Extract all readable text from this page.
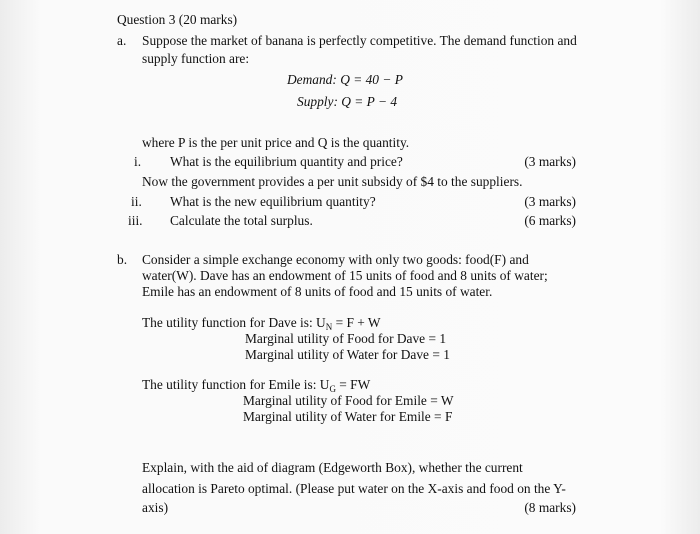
Question 3 (20 marks)
a. Suppose the market of banana is perfectly competitive. The demand function and
supply function are:
Demand: Q = 40 − P
Supply: Q = P − 4
where P is the per unit price and Q is the quantity.
i. What is the equilibrium quantity and price?	(3 marks)
Now the government provides a per unit subsidy of $4 to the suppliers.
ii. What is the new equilibrium quantity?	(3 marks)
iii. Calculate the total surplus.	(6 marks)
b. Consider a simple exchange economy with only two goods: food(F) and
water(W). Dave has an endowment of 15 units of food and 8 units of water;
Emile has an endowment of 8 units of food and 15 units of water.
The utility function for Dave is: $U_N = F + W$
Marginal utility of Food for Dave = 1
Marginal utility of Water for Dave = 1
The utility function for Emile is: $U_G$ = FW
Marginal utility of Food for Emile = W
Marginal utility of Water for Emile = F
Explain, with the aid of diagram (Edgeworth Box), whether the current
allocation is Pareto optimal. (Please put water on the X-axis and food on the Y-
axis)	(8 marks)
